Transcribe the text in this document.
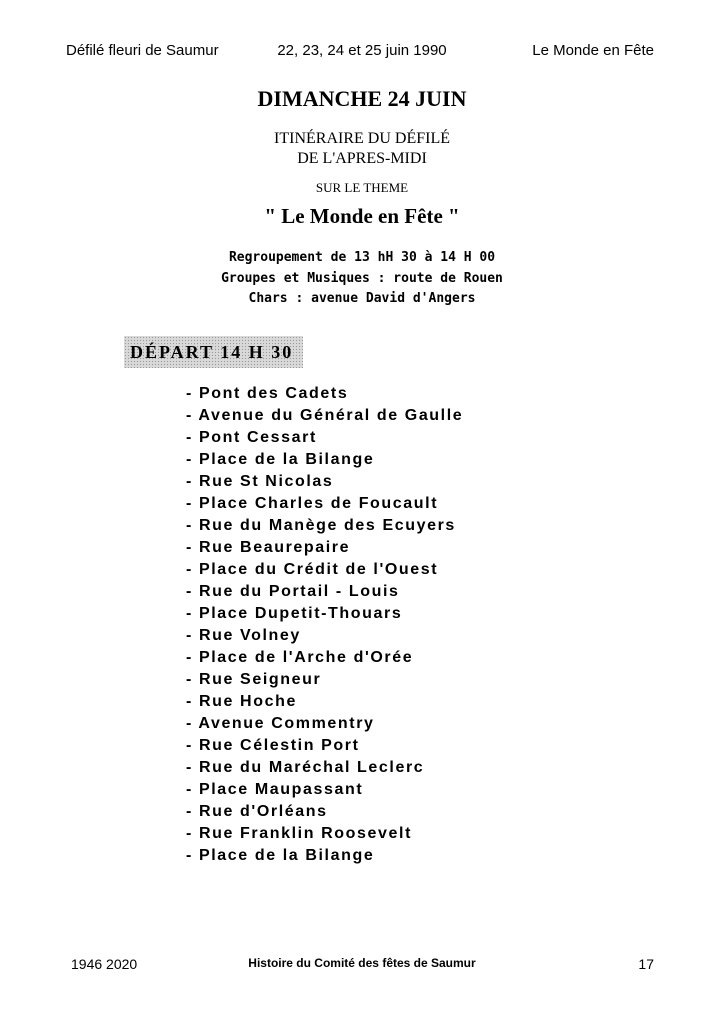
Défilé fleuri de Saumur	22, 23, 24 et 25 juin 1990	Le Monde en Fête
DIMANCHE 24 JUIN
ITINÉRAIRE DU DÉFILÉ
DE L'APRES-MIDI
SUR LE THEME
" Le Monde en Fête "
Regroupement de 13 hH 30 à 14 H 00
Groupes et Musiques : route de Rouen
Chars : avenue David d'Angers
DÉPART 14 H 30
- Pont des Cadets
- Avenue du Général de Gaulle
- Pont Cessart
- Place de la Bilange
- Rue St Nicolas
- Place Charles de Foucault
- Rue du Manège des Ecuyers
- Rue Beaurepaire
- Place du Crédit de l'Ouest
- Rue du Portail - Louis
- Place Dupetit-Thouars
- Rue Volney
- Place de l'Arche d'Orée
- Rue Seigneur
- Rue Hoche
- Avenue Commentry
- Rue Célestin Port
- Rue du Maréchal Leclerc
- Place Maupassant
- Rue d'Orléans
- Rue Franklin Roosevelt
- Place de la Bilange
1946 2020	Histoire du Comité des fêtes de Saumur	17
